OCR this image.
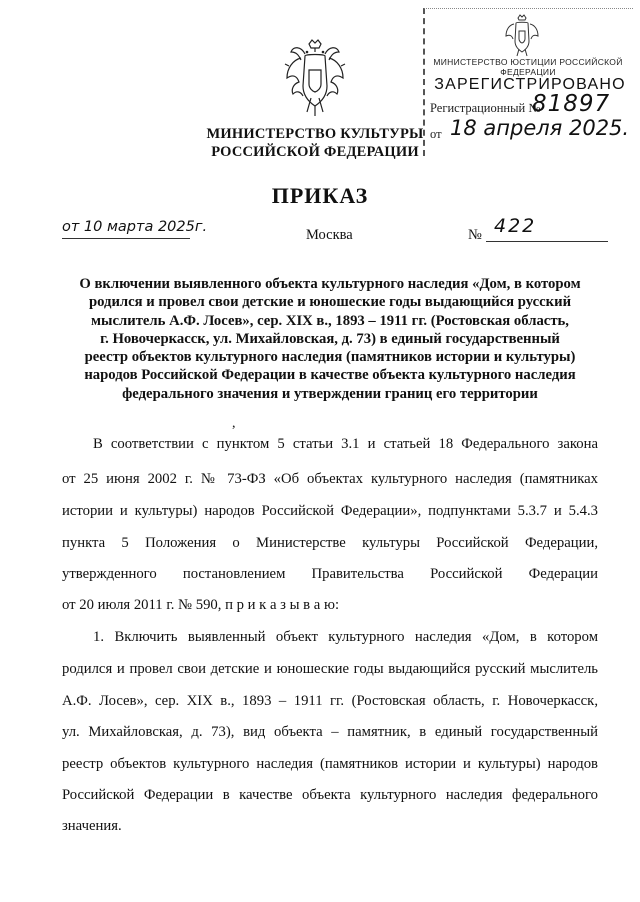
МИНИСТЕРСТВО КУЛЬТУРЫ
РОССИЙСКОЙ ФЕДЕРАЦИИ
МИНИСТЕРСТВО ЮСТИЦИИ РОССИЙСКОЙ ФЕДЕРАЦИИ
ЗАРЕГИСТРИРОВАНО
Регистрационный №
81897
от 18 апреля 2025.
ПРИКАЗ
от 10 марта 2025г.	Москва	№ 422
О включении выявленного объекта культурного наследия «Дом, в котором
родился и провел свои детские и юношеские годы выдающийся русский
мыслитель А.Ф. Лосев», сер. XIX в., 1893 – 1911 гг. (Ростовская область,
г. Новочеркасск, ул. Михайловская, д. 73) в единый государственный
реестр объектов культурного наследия (памятников истории и культуры)
народов Российской Федерации в качестве объекта культурного наследия
федерального значения и утверждении границ его территории
,
В соответствии с пунктом 5 статьи 3.1 и статьей 18 Федерального закона
от 25 июня 2002 г. № 73-ФЗ «Об объектах культурного наследия (памятниках
истории и культуры) народов Российской Федерации», подпунктами 5.3.7 и 5.4.3
пункта 5 Положения о Министерстве культуры Российской Федерации,
утвержденного постановлением Правительства Российской Федерации
от 20 июля 2011 г. № 590, п р и к а з ы в а ю:
1. Включить выявленный объект культурного наследия «Дом, в котором
родился и провел свои детские и юношеские годы выдающийся русский мыслитель
А.Ф. Лосев», сер. XIX в., 1893 – 1911 гг. (Ростовская область, г. Новочеркасск,
ул. Михайловская, д. 73), вид объекта – памятник, в единый государственный
реестр объектов культурного наследия (памятников истории и культуры) народов
Российской Федерации в качестве объекта культурного наследия федерального
значения.
